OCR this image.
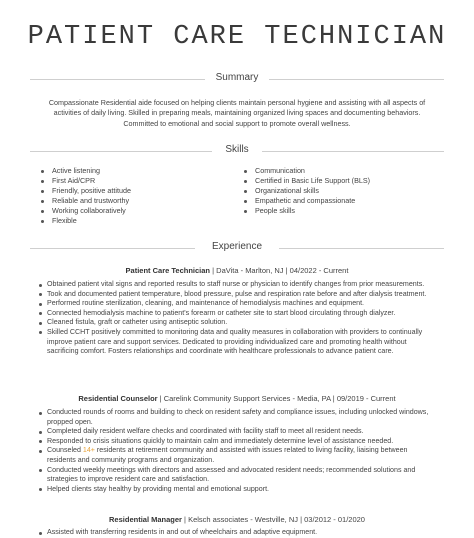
PATIENT CARE TECHNICIAN
Summary
Compassionate Residential aide focused on helping clients maintain personal hygiene and assisting with all aspects of activities of daily living. Skilled in preparing meals, maintaining organized living spaces and documenting behaviors. Committed to emotional and social support to promote overall wellness.
Skills
Active listening
First Aid/CPR
Friendly, positive attitude
Reliable and trustworthy
Working collaboratively
Flexible
Communication
Certified in Basic Life Support (BLS)
Organizational skills
Empathetic and compassionate
People skills
Experience
Patient Care Technician | DaVita - Marlton, NJ | 04/2022 - Current
Obtained patient vital signs and reported results to staff nurse or physician to identify changes from prior measurements.
Took and documented patient temperature, blood pressure, pulse and respiration rate before and after dialysis treatment.
Performed routine sterilization, cleaning, and maintenance of hemodialysis machines and equipment.
Connected hemodialysis machine to patient's forearm or catheter site to start blood circulating through dialyzer.
Cleaned fistula, graft or catheter using antiseptic solution.
Skilled CCHT positively committed to monitoring data and quality measures in collaboration with providers to continually improve patient care and support services. Dedicated to providing individualized care and promoting health without sacrificing comfort. Fosters relationships and coordinate with healthcare professionals to advance patient care.
Residential Counselor | Carelink Community Support Services - Media, PA | 09/2019 - Current
Conducted rounds of rooms and building to check on resident safety and compliance issues, including unlocked windows, propped open.
Completed daily resident welfare checks and coordinated with facility staff to meet all resident needs.
Responded to crisis situations quickly to maintain calm and immediately determine level of assistance needed.
Counseled 14+ residents at retirement community and assisted with issues related to living facility, liaising between residents and community programs and organization.
Conducted weekly meetings with directors and assessed and advocated resident needs; recommended solutions and strategies to improve resident care and satisfaction.
Helped clients stay healthy by providing mental and emotional support.
Residential Manager | Kelsch associates - Westville, NJ | 03/2012 - 01/2020
Assisted with transferring residents in and out of wheelchairs and adaptive equipment.
